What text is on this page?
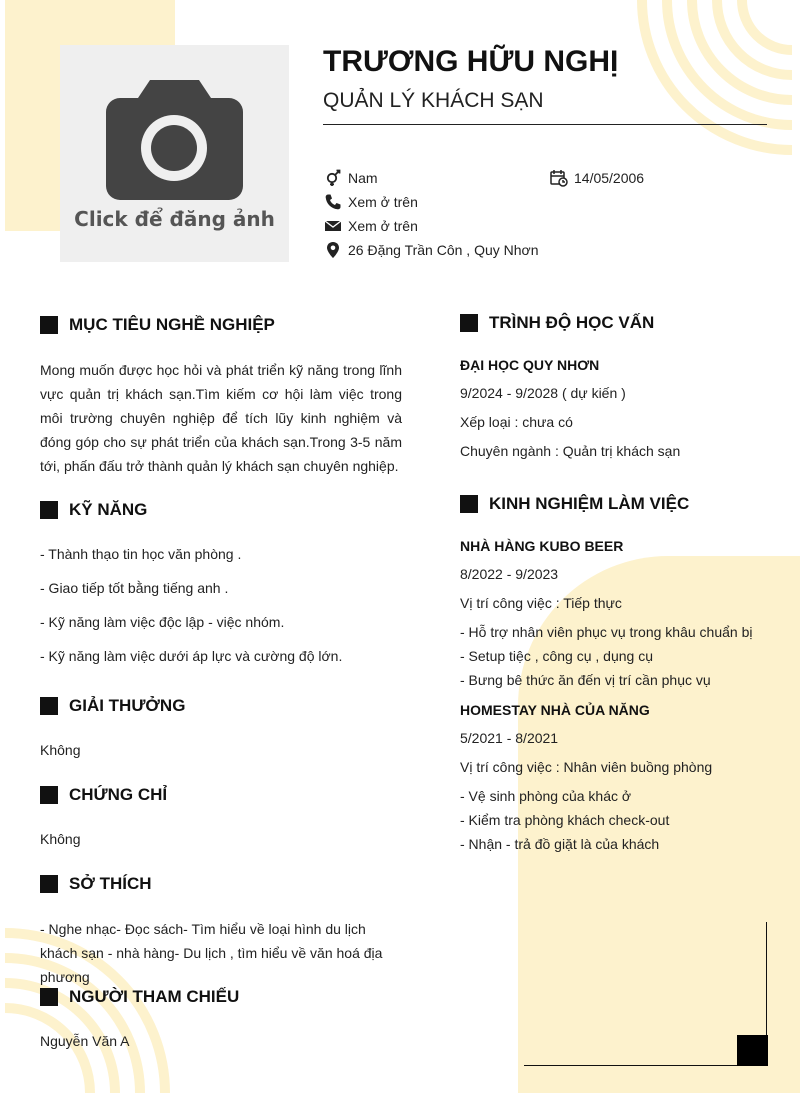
Click để đăng ảnh
TRƯƠNG HỮU NGHỊ
QUẢN LÝ KHÁCH SẠN
Nam	14/05/2006
Xem ở trên
Xem ở trên
26 Đặng Trần Côn , Quy Nhơn
MỤC TIÊU NGHỀ NGHIỆP
Mong muốn được học hỏi và phát triển kỹ năng trong lĩnh vực quản trị khách sạn.Tìm kiếm cơ hội làm việc trong môi trường chuyên nghiệp để tích lũy kinh nghiệm và đóng góp cho sự phát triển của khách sạn.Trong 3-5 năm tới, phấn đấu trở thành quản lý khách sạn chuyên nghiệp.
KỸ NĂNG
- Thành thạo tin học văn phòng .
- Giao tiếp tốt bằng tiếng anh .
- Kỹ năng làm việc độc lập - việc nhóm.
- Kỹ năng làm việc dưới áp lực và cường độ lớn.
GIẢI THƯỞNG
Không
CHỨNG CHỈ
Không
SỞ THÍCH
- Nghe nhạc- Đọc sách- Tìm hiểu về loại hình du lịch khách sạn - nhà hàng- Du lịch , tìm hiểu về văn hoá địa phương
NGƯỜI THAM CHIẾU
Nguyễn Văn A
TRÌNH ĐỘ HỌC VẤN
ĐẠI HỌC QUY NHƠN
9/2024 - 9/2028 ( dự kiến )
Xếp loại : chưa có
Chuyên ngành : Quản trị khách sạn
KINH NGHIỆM LÀM VIỆC
NHÀ HÀNG KUBO BEER
8/2022 - 9/2023
Vị trí công việc : Tiếp thực
- Hỗ trợ nhân viên phục vụ trong khâu chuẩn bị
- Setup tiệc , công cụ , dụng cụ
- Bưng bê thức ăn đến vị trí cần phục vụ
HOMESTAY NHÀ CỦA NĂNG
5/2021 - 8/2021
Vị trí công việc : Nhân viên buồng phòng
- Vệ sinh phòng của khác ở
- Kiểm tra phòng khách check-out
- Nhận - trả đồ giặt là của khách
